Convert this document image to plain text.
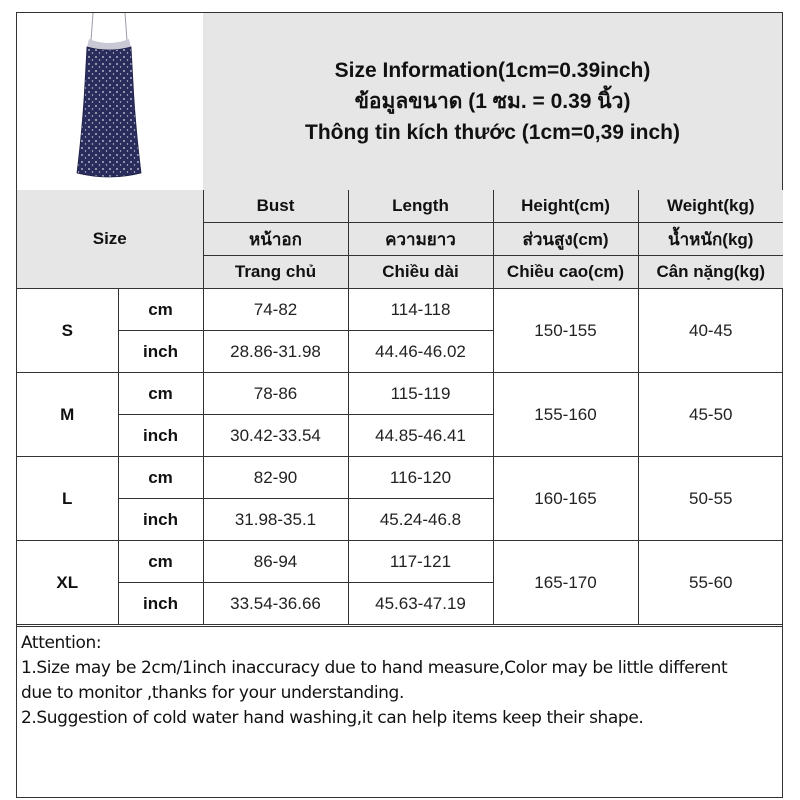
Size Information(1cm=0.39inch)
ข้อมูลขนาด (1 ซม. = 0.39 นิ้ว)
Thông tin kích thước (1cm=0,39 inch)
Size		Bust	Length	Height(cm)	Weight(kg)
		หน้าอก	ความยาว	ส่วนสูง(cm)	น้ำหนัก(kg)
		Trang chủ	Chiều dài	Chiều cao(cm)	Cân nặng(kg)
S	cm	74-82	114-118	150-155	40-45
	inch	28.86-31.98	44.46-46.02		
M	cm	78-86	115-119	155-160	45-50
	inch	30.42-33.54	44.85-46.41		
L	cm	82-90	116-120	160-165	50-55
	inch	31.98-35.1	45.24-46.8		
XL	cm	86-94	117-121	165-170	55-60
	inch	33.54-36.66	45.63-47.19		

Attention:

1.Size may be 2cm/1inch inaccuracy due to hand measure,Color may be little different

due to monitor ,thanks for your understanding.

2.Suggestion of cold water hand washing,it can help items keep their shape.
